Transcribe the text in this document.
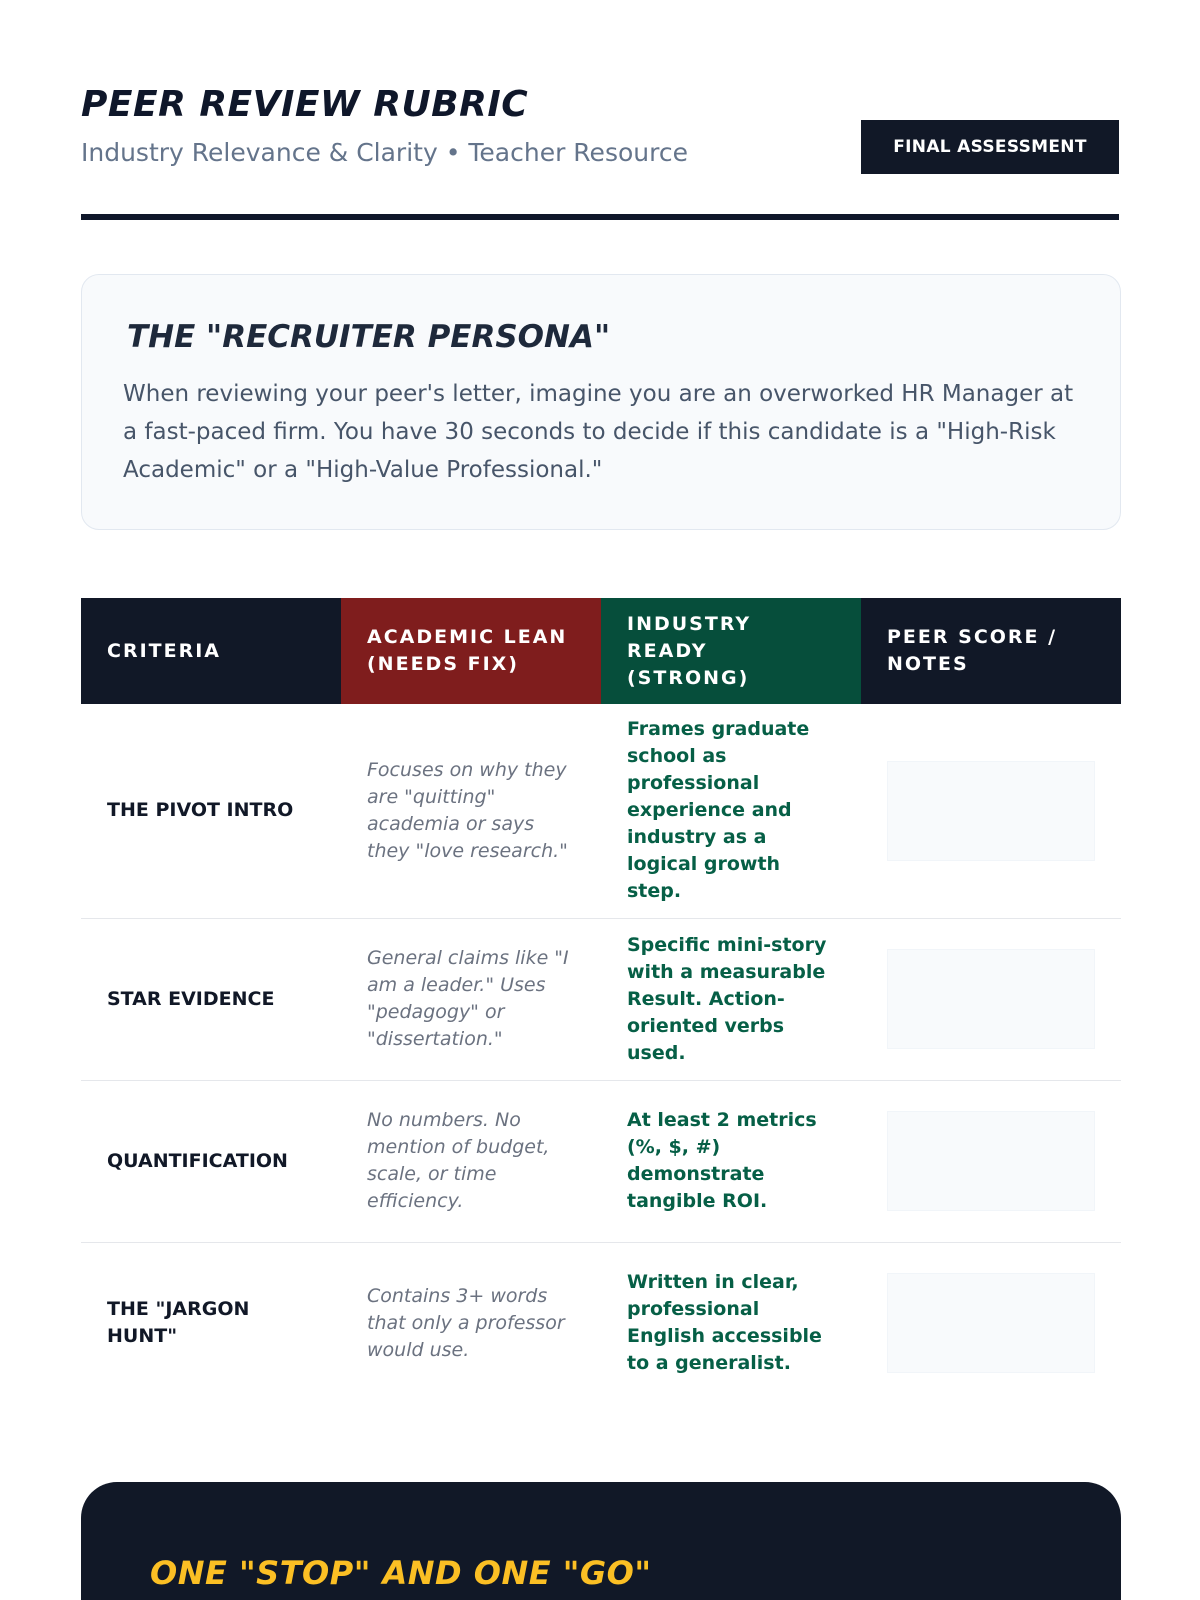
PEER REVIEW RUBRIC
Industry Relevance & Clarity • Teacher Resource	FINAL ASSESSMENT
THE "RECRUITER PERSONA"
When reviewing your peer's letter, imagine you are an overworked HR Manager at a fast-paced firm. You have 30 seconds to decide if this candidate is a "High-Risk Academic" or a "High-Value Professional."
CRITERIA	ACADEMIC LEAN (NEEDS FIX)	INDUSTRY READY (STRONG)	PEER SCORE / NOTES
THE PIVOT INTRO	Focuses on why they are "quitting" academia or says they "love research."	Frames graduate school as professional experience and industry as a logical growth step.	

STAR EVIDENCE	General claims like "I am a leader." Uses "pedagogy" or "dissertation."	Specific mini-story with a measurable Result. Action-oriented verbs used.	

QUANTIFICATION	No numbers. No mention of budget, scale, or time efficiency.	At least 2 metrics (%, $, #) demonstrate tangible ROI.	

THE "JARGON HUNT"	Contains 3+ words that only a professor would use.	Written in clear, professional English accessible to a generalist.	
ONE "STOP" AND ONE "GO"
